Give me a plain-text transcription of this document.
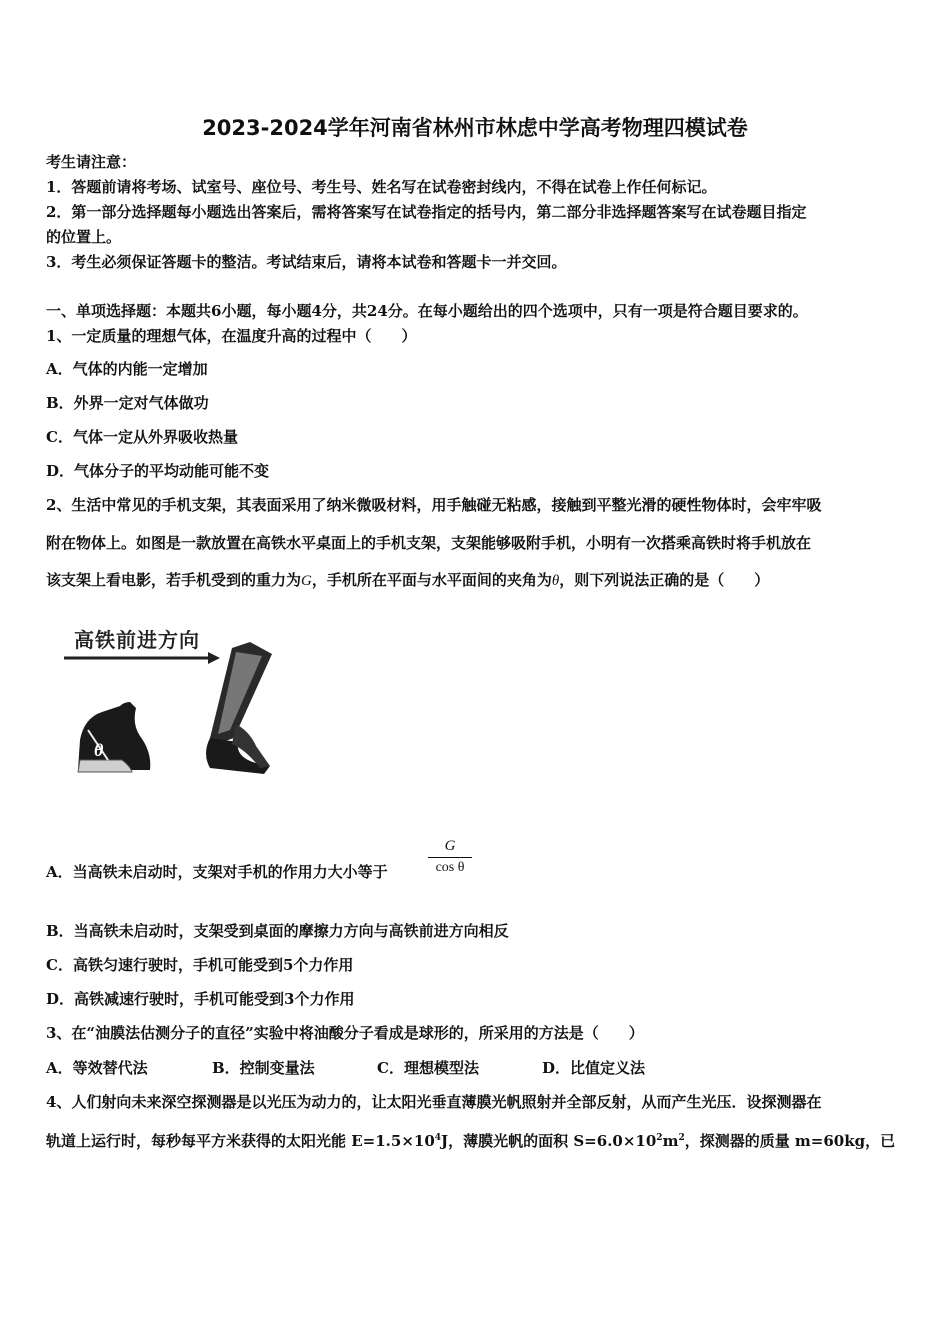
2023-2024学年河南省林州市林虑中学高考物理四模试卷
考生请注意：
1．答题前请将考场、试室号、座位号、考生号、姓名写在试卷密封线内，不得在试卷上作任何标记。
2．第一部分选择题每小题选出答案后，需将答案写在试卷指定的括号内，第二部分非选择题答案写在试卷题目指定
的位置上。
3．考生必须保证答题卡的整洁。考试结束后，请将本试卷和答题卡一并交回。
一、单项选择题：本题共6小题，每小题4分，共24分。在每小题给出的四个选项中，只有一项是符合题目要求的。
1、一定质量的理想气体，在温度升高的过程中（　　）
A．气体的内能一定增加
B．外界一定对气体做功
C．气体一定从外界吸收热量
D．气体分子的平均动能可能不变
2、生活中常见的手机支架，其表面采用了纳米微吸材料，用手触碰无粘感，接触到平整光滑的硬性物体时，会牢牢吸
附在物体上。如图是一款放置在高铁水平桌面上的手机支架，支架能够吸附手机，小明有一次搭乘高铁时将手机放在
该支架上看电影，若手机受到的重力为G，手机所在平面与水平面间的夹角为θ，则下列说法正确的是（　　）
高铁前进方向
θ
A．当高铁未启动时，支架对手机的作用力大小等于	$\frac{G}{\text{cos θ}}$
B．当高铁未启动时，支架受到桌面的摩擦力方向与高铁前进方向相反
C．高铁匀速行驶时，手机可能受到5个力作用
D．高铁减速行驶时，手机可能受到3个力作用
3、在“油膜法估测分子的直径”实验中将油酸分子看成是球形的，所采用的方法是（　　）
A．等效替代法	B．控制变量法	C．理想模型法	D．比值定义法
4、人们射向未来深空探测器是以光压为动力的，让太阳光垂直薄膜光帆照射并全部反射，从而产生光压．设探测器在
轨道上运行时，每秒每平方米获得的太阳光能 $E=1.5\times 10^4J$，薄膜光帆的面积 $S=6.0\times 10^2m^2$，探测器的质量 m=60kg，已
